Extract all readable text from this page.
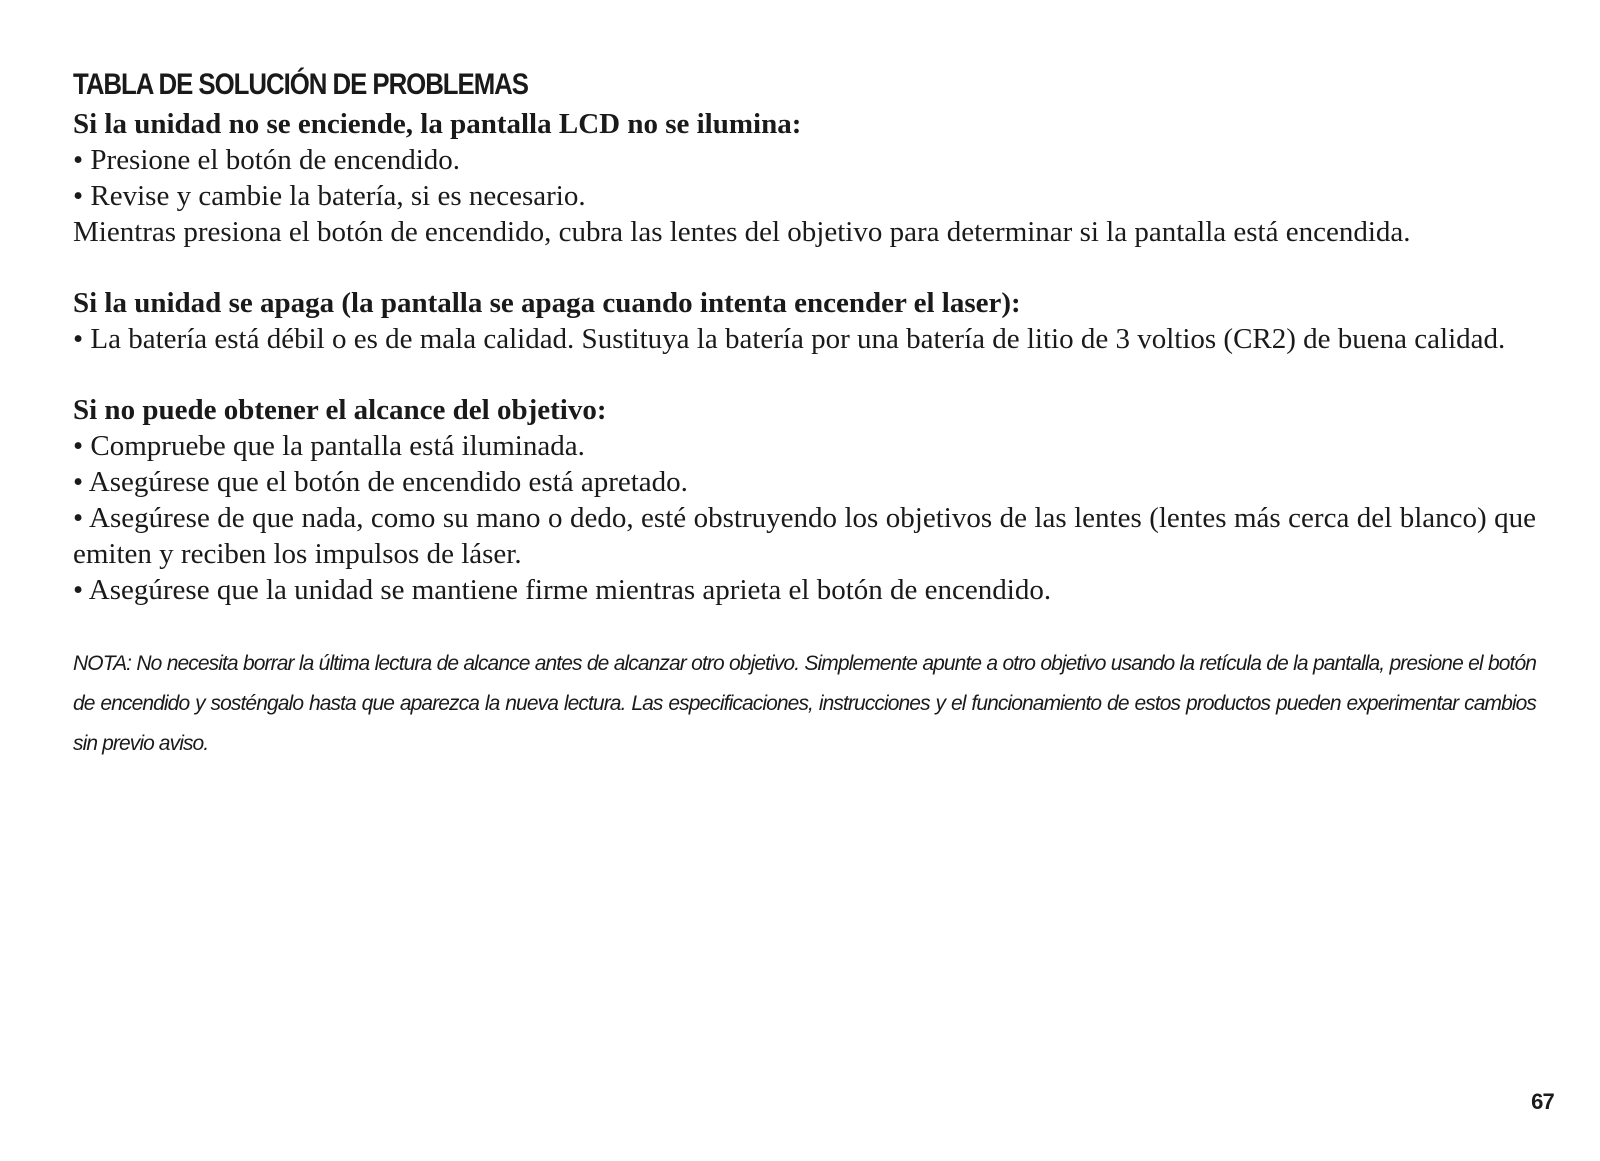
TABLA DE SOLUCIÓN DE PROBLEMAS

Si la unidad no se enciende, la pantalla LCD no se ilumina:

• Presione el botón de encendido.

• Revise y cambie la batería, si es necesario.

Mientras presiona el botón de encendido, cubra las lentes del objetivo para determinar si la pantalla está encendida.

Si la unidad se apaga (la pantalla se apaga cuando intenta encender el laser):

• La batería está débil o es de mala calidad. Sustituya la batería por una batería de litio de 3 voltios (CR2) de buena calidad.

Si no puede obtener el alcance del objetivo:

• Compruebe que la pantalla está iluminada.

• Asegúrese que el botón de encendido está apretado.

• Asegúrese de que nada, como su mano o dedo, esté obstruyendo los objetivos de las lentes (lentes más cerca del blanco) que emiten y reciben los impulsos de láser.

• Asegúrese que la unidad se mantiene firme mientras aprieta el botón de encendido.

NOTA: No necesita borrar la última lectura de alcance antes de alcanzar otro objetivo. Simplemente apunte a otro objetivo usando la retícula de la pantalla, presione el botón de encendido y sosténgalo hasta que aparezca la nueva lectura. Las especificaciones, instrucciones y el funcionamiento de estos productos pueden experimentar cambios sin previo aviso.

67
